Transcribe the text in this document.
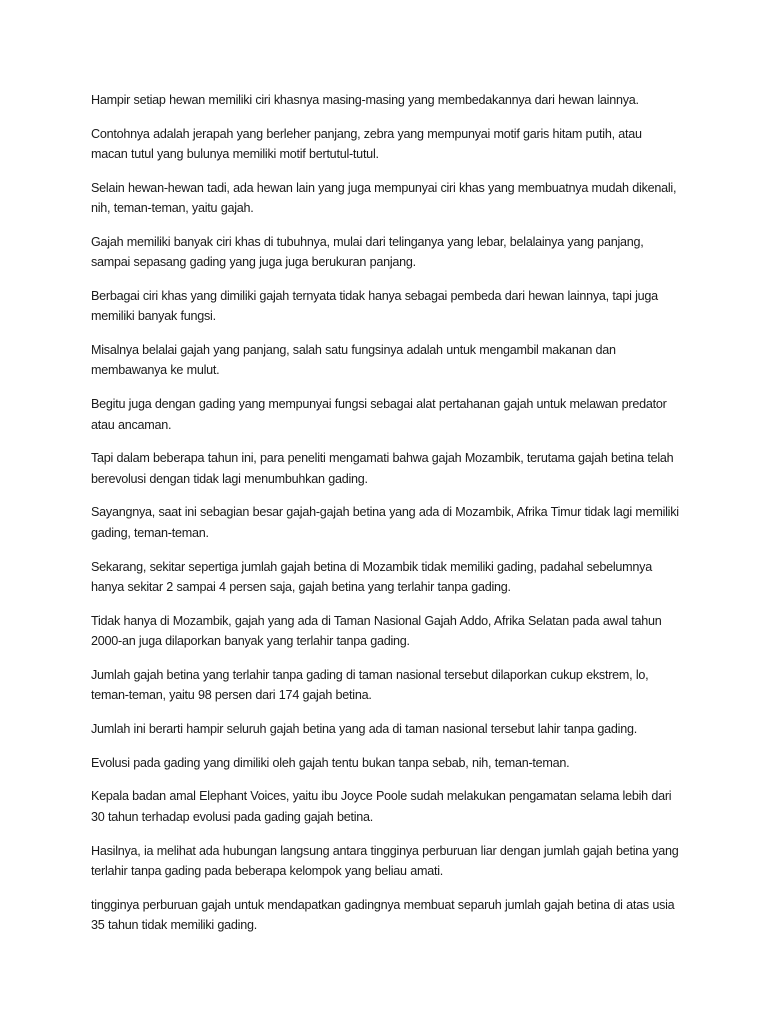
Hampir setiap hewan memiliki ciri khasnya masing-masing yang membedakannya dari hewan lainnya.

Contohnya adalah jerapah yang berleher panjang, zebra yang mempunyai motif garis hitam putih, atau macan tutul yang bulunya memiliki motif bertutul-tutul.

Selain hewan-hewan tadi, ada hewan lain yang juga mempunyai ciri khas yang membuatnya mudah dikenali, nih, teman-teman, yaitu gajah.

Gajah memiliki banyak ciri khas di tubuhnya, mulai dari telinganya yang lebar, belalainya yang panjang, sampai sepasang gading yang juga juga berukuran panjang.

Berbagai ciri khas yang dimiliki gajah ternyata tidak hanya sebagai pembeda dari hewan lainnya, tapi juga memiliki banyak fungsi.

Misalnya belalai gajah yang panjang, salah satu fungsinya adalah untuk mengambil makanan dan membawanya ke mulut.

Begitu juga dengan gading yang mempunyai fungsi sebagai alat pertahanan gajah untuk melawan predator atau ancaman.

Tapi dalam beberapa tahun ini, para peneliti mengamati bahwa gajah Mozambik, terutama gajah betina telah berevolusi dengan tidak lagi menumbuhkan gading.

Sayangnya, saat ini sebagian besar gajah-gajah betina yang ada di Mozambik, Afrika Timur tidak lagi memiliki gading, teman-teman.

Sekarang, sekitar sepertiga jumlah gajah betina di Mozambik tidak memiliki gading, padahal sebelumnya hanya sekitar 2 sampai 4 persen saja, gajah betina yang terlahir tanpa gading.

Tidak hanya di Mozambik, gajah yang ada di Taman Nasional Gajah Addo, Afrika Selatan pada awal tahun 2000-an juga dilaporkan banyak yang terlahir tanpa gading.

Jumlah gajah betina yang terlahir tanpa gading di taman nasional tersebut dilaporkan cukup ekstrem, lo, teman-teman, yaitu 98 persen dari 174 gajah betina.

Jumlah ini berarti hampir seluruh gajah betina yang ada di taman nasional tersebut lahir tanpa gading.

Evolusi pada gading yang dimiliki oleh gajah tentu bukan tanpa sebab, nih, teman-teman.

Kepala badan amal Elephant Voices, yaitu ibu Joyce Poole sudah melakukan pengamatan selama lebih dari 30 tahun terhadap evolusi pada gading gajah betina.

Hasilnya, ia melihat ada hubungan langsung antara tingginya perburuan liar dengan jumlah gajah betina yang terlahir tanpa gading pada beberapa kelompok yang beliau amati.

tingginya perburuan gajah untuk mendapatkan gadingnya membuat separuh jumlah gajah betina di atas usia 35 tahun tidak memiliki gading.
